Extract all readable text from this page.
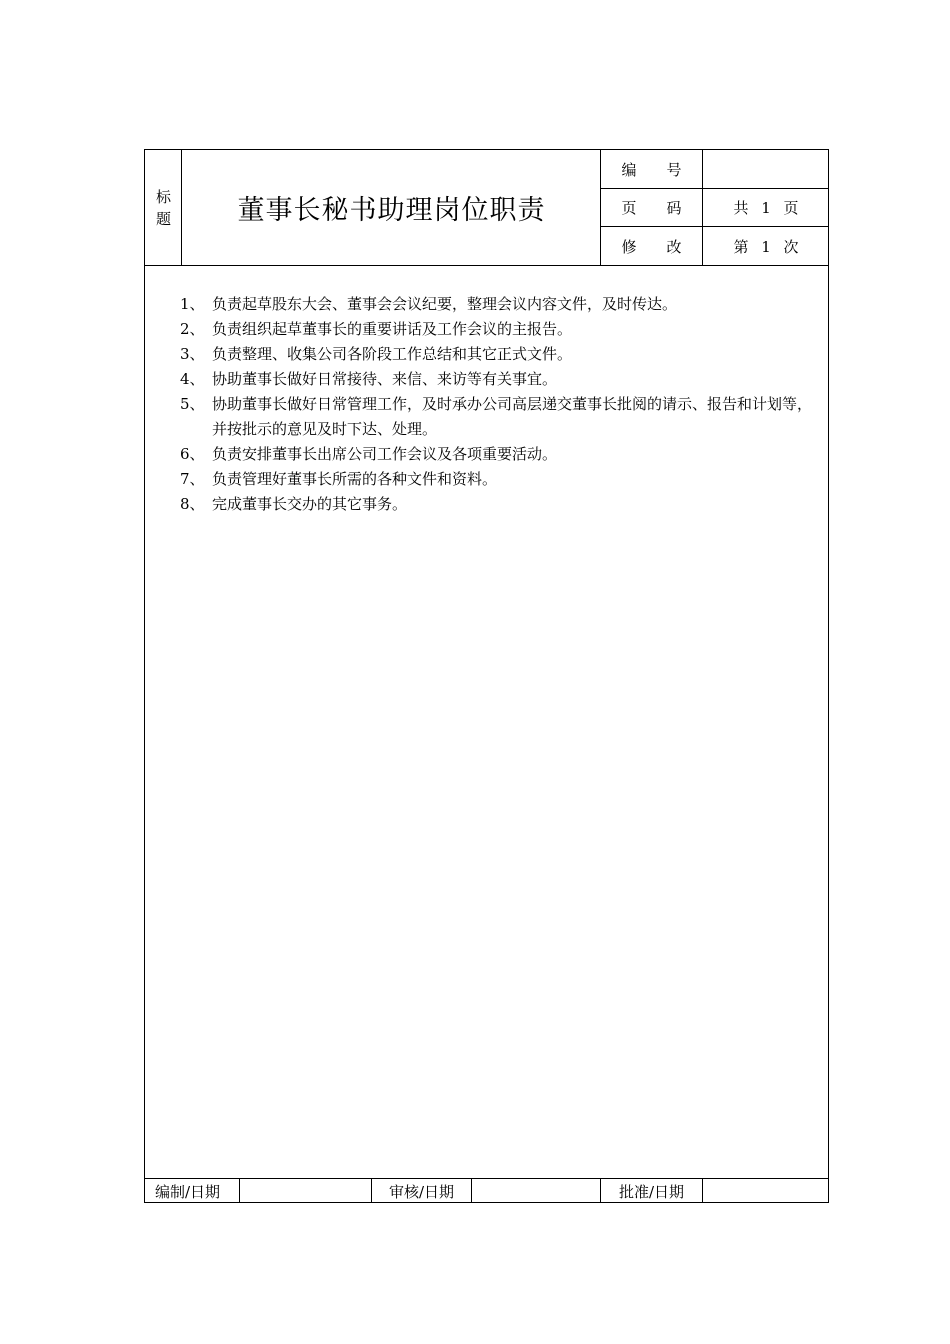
标
题	董事长秘书助理岗位职责
编 号
页 码	共 1 页
修 改	第 1 次
1、 负责起草股东大会、董事会会议纪要，整理会议内容文件，及时传达。
2、 负责组织起草董事长的重要讲话及工作会议的主报告。
3、 负责整理、收集公司各阶段工作总结和其它正式文件。
4、 协助董事长做好日常接待、来信、来访等有关事宜。
5、 协助董事长做好日常管理工作，及时承办公司高层递交董事长批阅的请示、报告和计划等，并按批示的意见及时下达、处理。
6、 负责安排董事长出席公司工作会议及各项重要活动。
7、 负责管理好董事长所需的各种文件和资料。
8、 完成董事长交办的其它事务。
编制/日期	审核/日期	批准/日期
